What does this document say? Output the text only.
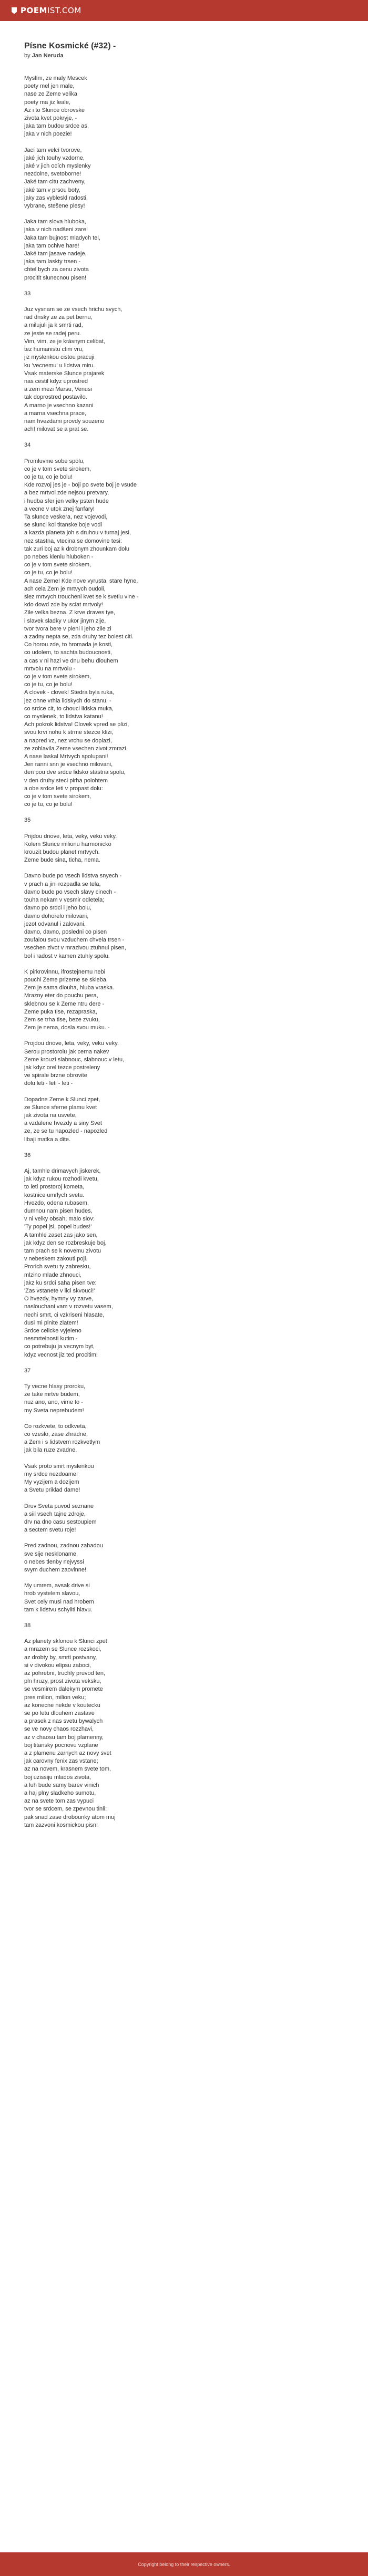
POEMIST.COM
Písne Kosmické (#32) -
by Jan Neruda
Myslím, ze maly Mescek
poety mel jen male,
nase ze Zeme velika
poety ma jiz leale,
Az i to Slunce obrovske
zivota kvet pokryje, -
jaka tam budou srdce as,
jaka v nich poezie!
Jací tam velcí tvorove,
jaké jich touhy vzdorne,
jaké v jich ocích myslenky
nezdolne, svetoborne!
Jaké tam citu zachveny,
jaké tam v prsou boty,
jaky zas vybleskl radosti,
vybrane, stešene plesy!
Jaka tam slova hluboka,
jaka v nich nadšeni zare!
Jaka tam bujnost mladych tel,
jaka tam ochive hare!
Jaké tam jasave nadeje,
jaka tam laskty trsen -
chtel bych za cenu zivota
procitit slunecnou pisen!
33
Juz vysnam se ze vsech hrichu svych,
rad dnsky ze za pet bernu,
a milujuli ja k smrti rad,
ze jeste se radej peru.
Vim, vim, ze je kràsnym celibat,
tez humanistu ctim vru,
jiz myslenkou cistou pracuji
ku 'vecnemu' u lidstva miru.
Vsak materske Slunce prajarek
nas cestil kdyz uprostred
a zem mezi Marsu, Venusi
tak doprostred postavilo.
A marno je vsechno kazani
a marna vsechna prace,
nam hvezdami provdy souzeno
ach! milovat se a prat se.
34
Promluvme sobe spolu,
co je v tom svete sirokem,
co je tu, co je bolu!
Kde rozvoj jes je - boji po svete boj je vsude
a bez mrtvol zde nejsou pretvary,
i hudba sfer jen velky psten hude
a vecne v utok znej fanfary!
Ta slunce veskera, nez vojevodi,
se slunci kol titanske boje vodi
a kazda planeta joh s druhou v turnaj jesi,
nez stastna, vtecina se domovine tesi:
tak zuri boj az k drobnym zhounkam dolu
po nebes kleniu hluboken -
co je v tom svete sirokem,
co je tu, co je bolu!
A nase Zeme! Kde nove vyrusta, stare hyne,
ach cela Zem je mrtvych oudoli,
slez mrtvych troucheni kvet se k svetlu vine -
kdo dowd zde by sciat mrtvoly!
Zile velka bezna. Z krve draves tye,
i slavek sladky v ukor jinym zije,
tvor tvora bere v pleni i jeho zile zi
a zadny nepta se, zda druhy tez bolest citi.
Co horou zde, to hromada je kosti,
co udolem, to sachta budoucnosti,
a cas v ni hazi ve dnu behu dlouhem
mrtvolu na mrtvolu -
co je v tom svete sirokem,
co je tu, co je bolu!
A clovek - clovek! Stedra byla ruka,
jez ohne vrhla lidskych do stanu, -
co srdce cit, to chouci lidska muka,
co myslenek, to lidstva katanu!
Ach pokrok lidstva! Clovek vpred se plizi,
svou krvi nohu k strme stezce klizi,
a napred vz, nez vrchu se doplazi,
ze zohlavila Zeme vsechen zivot zmrazi.
A nase laskal Mrtvych spolupani!
Jen ranni snn je vsechno milovani,
den pou dve srdce lidsko stastna spolu,
v den druhy steci pirha polohtem
a obe srdce leti v propast dolu:
co je v tom svete sirokem,
co je tu, co je bolu!
35
Prijdou dnove, leta, veky, veku veky.
Kolem Slunce milionu harmonicko
krouzit budou planet mrtvych.
Zeme bude sina, ticha, nema.
Davno bude po vsech lidstva snyech -
v prach a jini rozpadla se tela,
davno bude po vsech slavy cinech -
touha nekam v vesmir odletela;
davno po srdci i jeho bolu,
davno dohorelo milovani,
jezot odvanul i zalovani.
davno, davno, posledni co pisen
zoufalou svou vzduchem chvela trsen -
vsechen zivot v mrazivou ztuhnul pisen,
bol i radost v kamen ztuhly spolu.
K pirkrovinnu, ifrostejnemu nebi
pouchi Zeme prizerne se skleba,
Zem je sama dlouha, hluba vraska.
Mrazny eter do pouchu pera,
sklebnou se k Zeme ntru dere -
Zeme puka tise, rezapraska,
Zem se trha tise, beze zvuku,
Zem je nema, dosla svou muku. -
Projdou dnove, leta, veky, veku veky.
Serou prostoroiu jak cerna nakev
Zeme krouzi slabnouc, slabnouc v letu,
jak kdyz orel tezce postreleny
ve spirale brzne obrovite
dolu leti - leti - leti -
Dopadne Zeme k Slunci zpet,
ze Slunce sferne plamu kvet
jak zivota na usvete,
a vzdalene hvezdy a siny Svet
ze, ze se tu napozled - napozled
libaji matka a dite.
36
Aj, tamhle drimavych jiskerek,
jak kdyz rukou rozhodi kvetu,
to leti prostoroj kometa,
kostnice umrlych svetu.
Hvezdo, odena rubasem,
dumnou nam pisen hudes,
v ni velky obsah, malo slov:
'Ty popel jsi, popel budes!'
A tamhle zaset zas jako sen,
jak kdyz den se rozbreskuje boj,
tam prach se k novemu zivotu
v nebeskem zakouti poji.
Prorich svetu ty zabresku,
mlzino mlade zhnouci,
jakz ku srdci saha pisen tve:
'Zas vstanete v lici skvouci!'
O hvezdy, hymny vy zarve,
naslouchani vam v rozvetu vasem,
nechi smrt, ci vzkriseni hlasate,
dusi mi plnite zlatem!
Srdce celicke vyjeleno
nesmrtelnosti kutim -
co potrebuju ja vecnym byt,
kdyz vecnost jiz ted procitim!
37
Ty vecne hlasy proroku,
ze take mrtve budem,
nuz ano, ano, vime to -
my Sveta neprebudem!
Co rozkvete, to odkveta,
co vzeslo, zase zhradne,
a Zem i s lidstvem rozkvetlym
jak bila ruze zvadne.
Vsak proto smrt myslenkou
my srdce nezdoame!
My vyzijem a dozijem
a Svetu priklad dame!
Druv Sveta puvod seznane
a siil vsech tajne zdroje,
drv na dno casu sestoupiem
a sectem svetu roje!
Pred zadnou, zadnou zahadou
sve sije neskloname,
o nebes tlenby nejvyssi
svym duchem zaovinne!
My umrem, avsak drive si
hrob vystelem slavou,
Svet cely musi nad hrobem
tam k lidstvu schyliti hlavu.
38
Az planety sklonou k Slunci zpet
a mrazem se Slunce rozskoci,
az drobty by, smrti postvany,
si v divokou elipsu zaboci,
az pohrebni, truchly pruvod ten,
pln hruzy, prost zivota veksku,
se vesmirem dalekym promete
pres milion, milion veku;
az konecne nekde v koutecku
se po letu dlouhem zastave
a prasek z nas svetu bywalych
se ve novy chaos rozzhavi,
az v chaosu tam boj plamenny,
boj titansky pocnovu vzplane
a z plamenu zarnych az novy svet
jak carovny fenix zas vstane;
az na novem, krasnem svete tom,
boj uzissiju mlados zivota,
a luh bude samy barev vinich
a haj plny sladkeho sumotu,
az na svete tom zas vypuci
tvor se srdcem, se zpevnou tinli:
pak snad zase drobounky atom muj
tam zazvoni kosmickou pisn!
Copyright belong to their respective owners.
